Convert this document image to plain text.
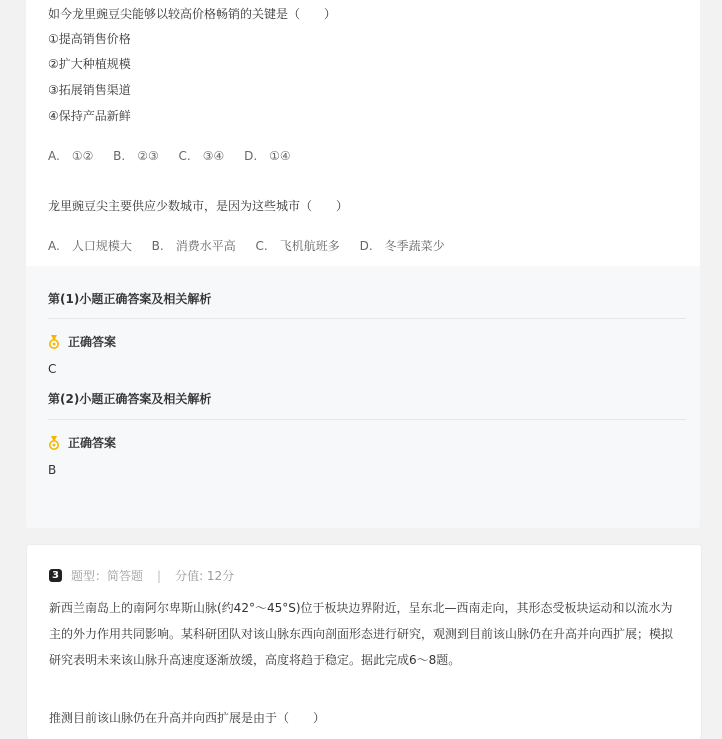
如今龙里豌豆尖能够以较高价格畅销的关键是（　　）
①提高销售价格
②扩大种植规模
③拓展销售渠道
④保持产品新鲜
A. ①② B. ②③ C. ③④ D. ①④
龙里豌豆尖主要供应少数城市，是因为这些城市（　　）
A. 人口规模大 B. 消费水平高 C. 飞机航班多 D. 冬季蔬菜少
第(1)小题正确答案及相关解析
正确答案
C
第(2)小题正确答案及相关解析
正确答案
B
3 题型：简答题 | 分值: 12分
新西兰南岛上的南阿尔卑斯山脉(约42°～45°S)位于板块边界附近，呈东北—西南走向，其形态受板块运动和以流水为主的外力作用共同影响。某科研团队对该山脉东西向剖面形态进行研究，观测到目前该山脉仍在升高并向西扩展；模拟研究表明未来该山脉升高速度逐渐放缓，高度将趋于稳定。据此完成6～8题。
推测目前该山脉仍在升高并向西扩展是由于（　　）
